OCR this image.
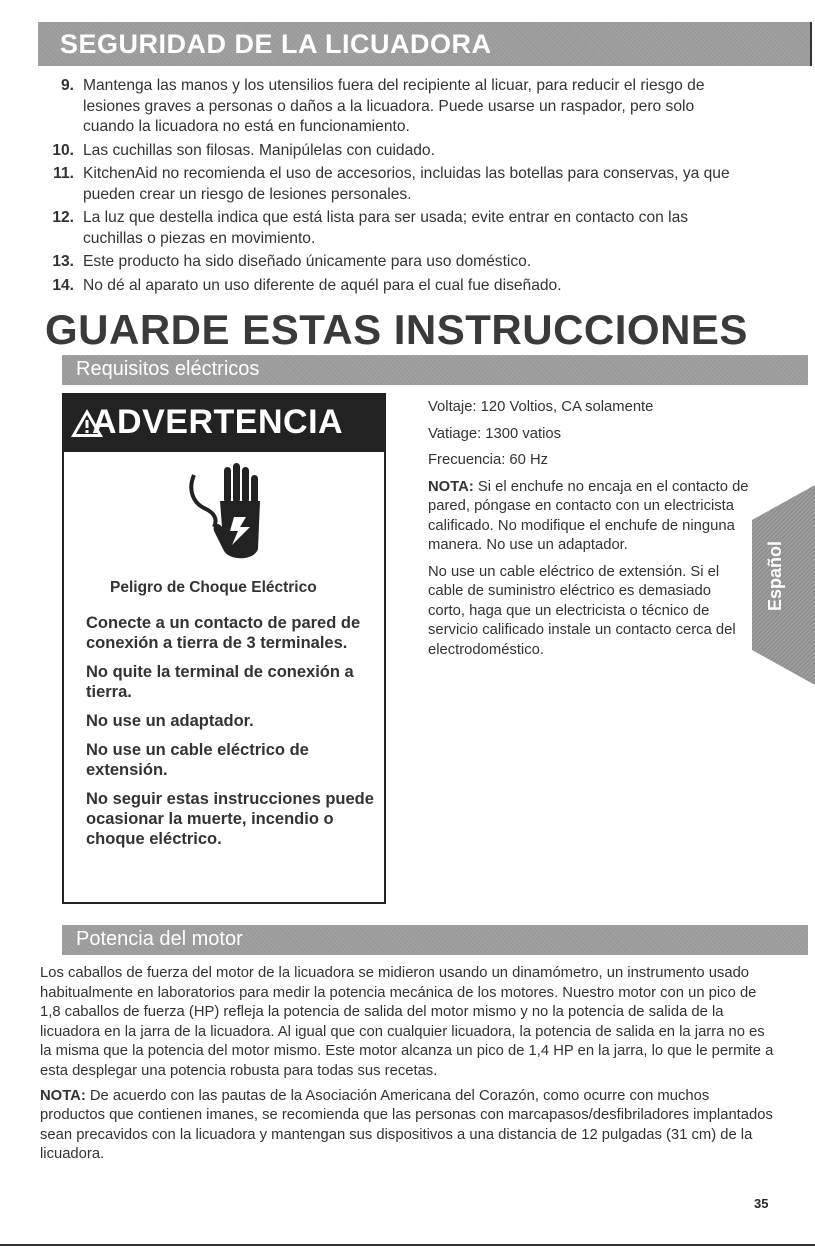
SEGURIDAD DE LA LICUADORA
9. Mantenga las manos y los utensilios fuera del recipiente al licuar, para reducir el riesgo de lesiones graves a personas o daños a la licuadora. Puede usarse un raspador, pero solo cuando la licuadora no está en funcionamiento.
10. Las cuchillas son filosas. Manipúlelas con cuidado.
11. KitchenAid no recomienda el uso de accesorios, incluidas las botellas para conservas, ya que pueden crear un riesgo de lesiones personales.
12. La luz que destella indica que está lista para ser usada; evite entrar en contacto con las cuchillas o piezas en movimiento.
13. Este producto ha sido diseñado únicamente para uso doméstico.
14. No dé al aparato un uso diferente de aquél para el cual fue diseñado.
GUARDE ESTAS INSTRUCCIONES
Requisitos eléctricos
ADVERTENCIA
Peligro de Choque Eléctrico

Conecte a un contacto de pared de conexión a tierra de 3 terminales.

No quite la terminal de conexión a tierra.

No use un adaptador.

No use un cable eléctrico de extensión.

No seguir estas instrucciones puede ocasionar la muerte, incendio o choque eléctrico.

Voltaje: 120 Voltios, CA solamente

Vatiage: 1300 vatios

Frecuencia: 60 Hz

NOTA: Si el enchufe no encaja en el contacto de pared, póngase en contacto con un electricista calificado. No modifique el enchufe de ninguna manera. No use un adaptador.

No use un cable eléctrico de extensión. Si el cable de suministro eléctrico es demasiado corto, haga que un electricista o técnico de servicio calificado instale un contacto cerca del electrodoméstico.

Español
Potencia del motor

Los caballos de fuerza del motor de la licuadora se midieron usando un dinamómetro, un instrumento usado habitualmente en laboratorios para medir la potencia mecánica de los motores. Nuestro motor con un pico de 1,8 caballos de fuerza (HP) refleja la potencia de salida del motor mismo y no la potencia de salida de la licuadora en la jarra de la licuadora. Al igual que con cualquier licuadora, la potencia de salida en la jarra no es la misma que la potencia del motor mismo. Este motor alcanza un pico de 1,4 HP en la jarra, lo que le permite a esta desplegar una potencia robusta para todas sus recetas.

NOTA: De acuerdo con las pautas de la Asociación Americana del Corazón, como ocurre con muchos productos que contienen imanes, se recomienda que las personas con marcapasos/desfibriladores implantados sean precavidos con la licuadora y mantengan sus dispositivos a una distancia de 12 pulgadas (31 cm) de la licuadora.

35
